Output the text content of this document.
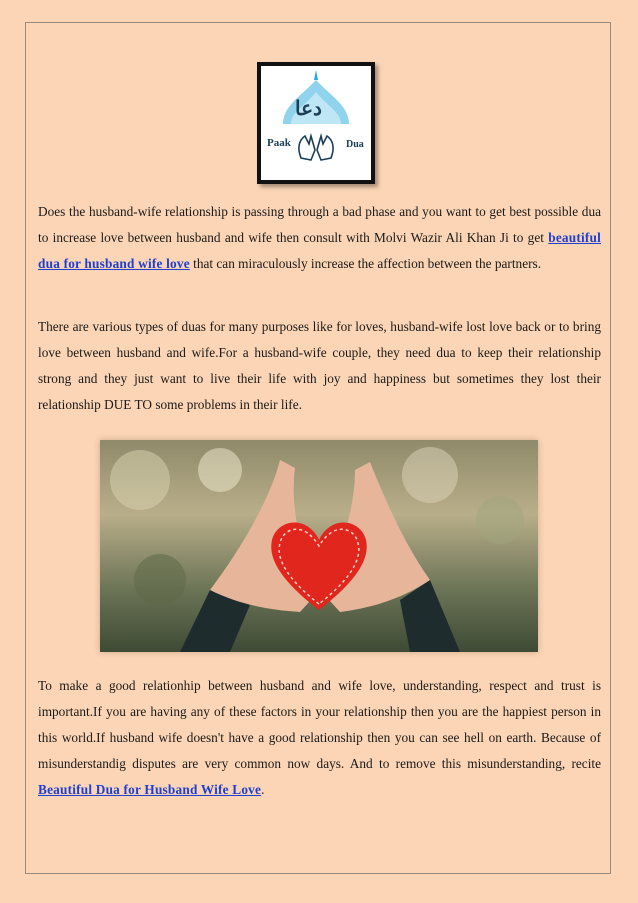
دعا
Paak	Dua

Does the husband-wife relationship is passing through a bad phase and you want to get best possible dua to increase love between husband and wife then consult with Molvi Wazir Ali Khan Ji to get beautiful dua for husband wife love that can miraculously increase the affection between the partners.

There are various types of duas for many purposes like for loves, husband-wife lost love back or to bring love between husband and wife.For a husband-wife couple, they need dua to keep their relationship strong and they just want to live their life with joy and happiness but sometimes they lost their relationship DUE TO some problems in their life.

To make a good relationhip between husband and wife love, understanding, respect and trust is important.If you are having any of these factors in your relationship then you are the happiest person in this world.If husband wife doesn't have a good relationship then you can see hell on earth. Because of misunderstandig disputes are very common now days. And to remove this misunderstanding, recite Beautiful Dua for Husband Wife Love.
